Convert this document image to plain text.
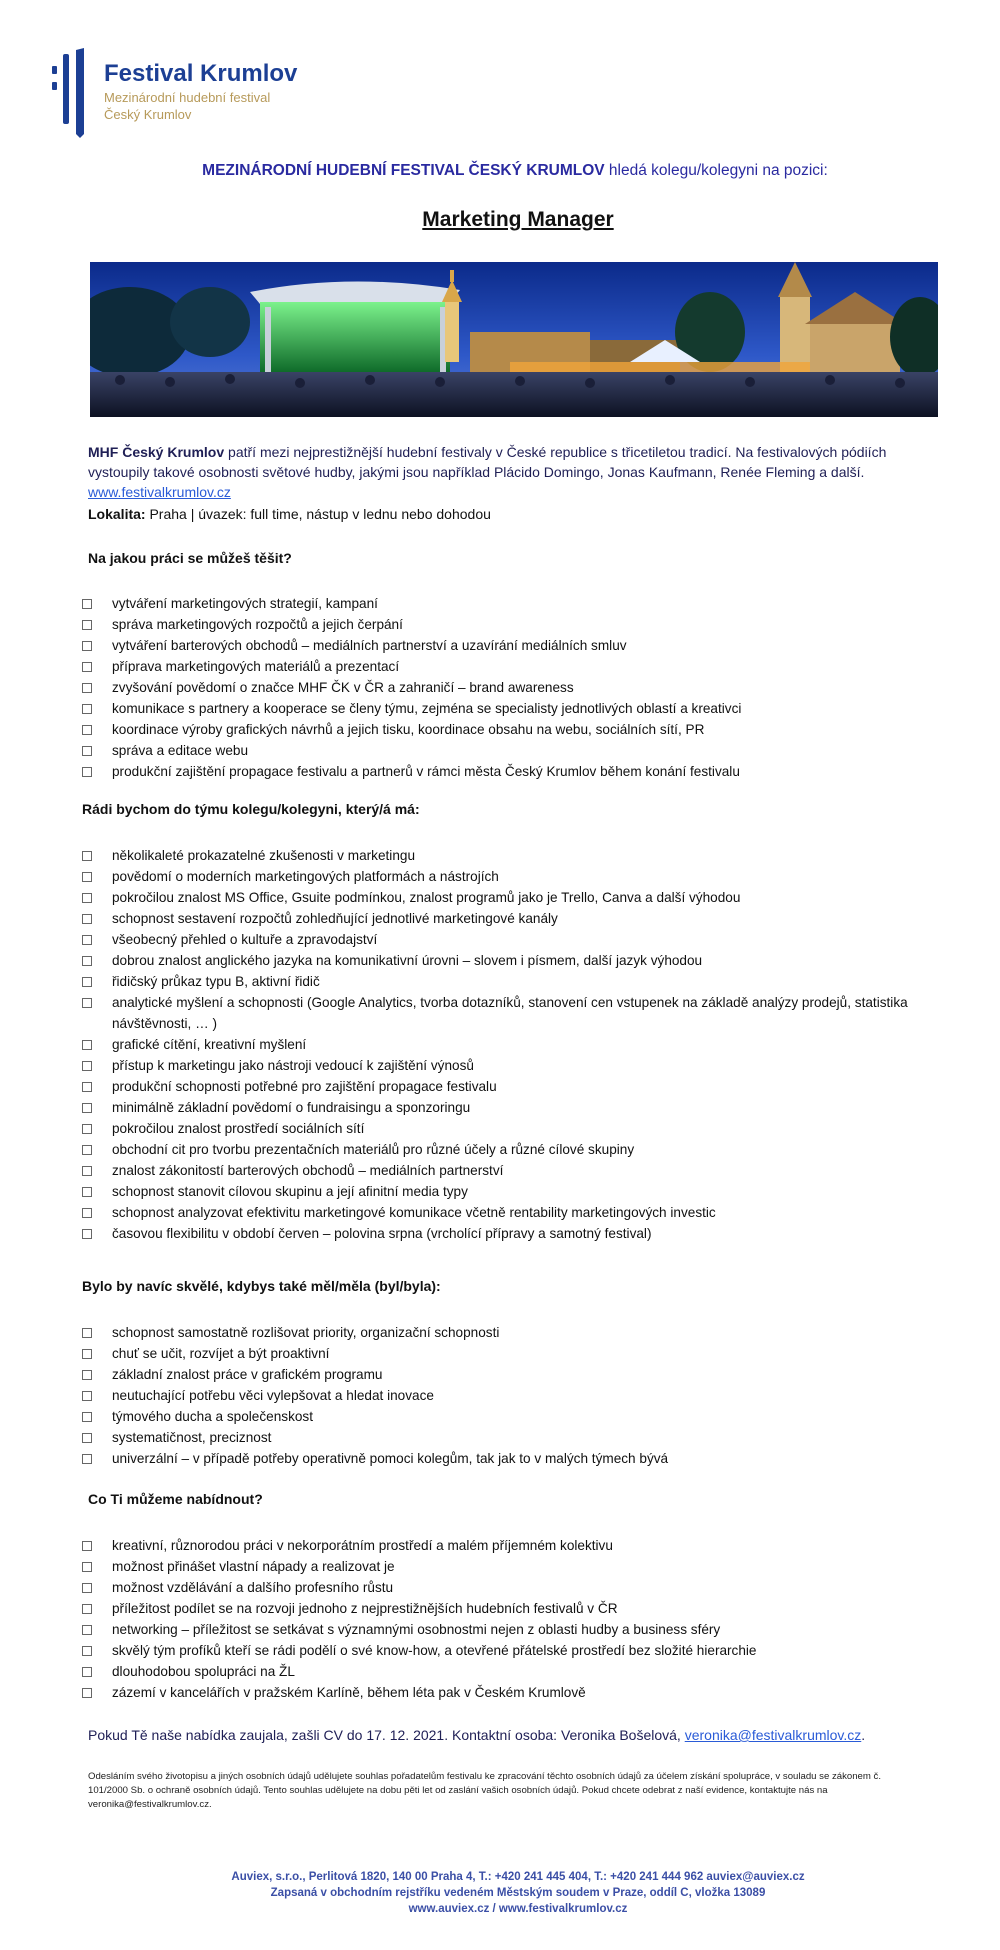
Festival Krumlov
Mezinárodní hudební festival
Český Krumlov
MEZINÁRODNÍ HUDEBNÍ FESTIVAL ČESKÝ KRUMLOV hledá kolegu/kolegyni na pozici:
Marketing Manager
MHF Český Krumlov patří mezi nejprestižnější hudební festivaly v České republice s třicetiletou tradicí. Na festivalových pódiích vystoupily takové osobnosti světové hudby, jakými jsou například Plácido Domingo, Jonas Kaufmann, Renée Fleming a další. www.festivalkrumlov.cz
Lokalita: Praha | úvazek: full time, nástup v lednu nebo dohodou
Na jakou práci se můžeš těšit?
vytváření marketingových strategií, kampaní
správa marketingových rozpočtů a jejich čerpání
vytváření barterových obchodů – mediálních partnerství a uzavírání mediálních smluv
příprava marketingových materiálů a prezentací
zvyšování povědomí o značce MHF ČK v ČR a zahraničí – brand awareness
komunikace s partnery a kooperace se členy týmu, zejména se specialisty jednotlivých oblastí a kreativci
koordinace výroby grafických návrhů a jejich tisku, koordinace obsahu na webu, sociálních sítí, PR
správa a editace webu
produkční zajištění propagace festivalu a partnerů v rámci města Český Krumlov během konání festivalu
Rádi bychom do týmu kolegu/kolegyni, který/á má:
několikaleté prokazatelné zkušenosti v marketingu
povědomí o moderních marketingových platformách a nástrojích
pokročilou znalost MS Office, Gsuite podmínkou, znalost programů jako je Trello, Canva a další výhodou
schopnost sestavení rozpočtů zohledňující jednotlivé marketingové kanály
všeobecný přehled o kultuře a zpravodajství
dobrou znalost anglického jazyka na komunikativní úrovni – slovem i písmem, další jazyk výhodou
řidičský průkaz typu B, aktivní řidič
analytické myšlení a schopnosti (Google Analytics, tvorba dotazníků, stanovení cen vstupenek na základě analýzy prodejů, statistika návštěvnosti, … )
grafické cítění, kreativní myšlení
přístup k marketingu jako nástroji vedoucí k zajištění výnosů
produkční schopnosti potřebné pro zajištění propagace festivalu
minimálně základní povědomí o fundraisingu a sponzoringu
pokročilou znalost prostředí sociálních sítí
obchodní cit pro tvorbu prezentačních materiálů pro různé účely a různé cílové skupiny
znalost zákonitostí barterových obchodů – mediálních partnerství
schopnost stanovit cílovou skupinu a její afinitní media typy
schopnost analyzovat efektivitu marketingové komunikace včetně rentability marketingových investic
časovou flexibilitu v období červen – polovina srpna (vrcholící přípravy a samotný festival)
Bylo by navíc skvělé, kdybys také měl/měla (byl/byla):
schopnost samostatně rozlišovat priority, organizační schopnosti
chuť se učit, rozvíjet a být proaktivní
základní znalost práce v grafickém programu
neutuchající potřebu věci vylepšovat a hledat inovace
týmového ducha a společenskost
systematičnost, preciznost
univerzální – v případě potřeby operativně pomoci kolegům, tak jak to v malých týmech bývá
Co Ti můžeme nabídnout?
kreativní, různorodou práci v nekorporátním prostředí a malém příjemném kolektivu
možnost přinášet vlastní nápady a realizovat je
možnost vzdělávání a dalšího profesního růstu
příležitost podílet se na rozvoji jednoho z nejprestižnějších hudebních festivalů v ČR
networking – příležitost se setkávat s významnými osobnostmi nejen z oblasti hudby a business sféry
skvělý tým profíků kteří se rádi podělí o své know-how, a otevřené přátelské prostředí bez složité hierarchie
dlouhodobou spolupráci na ŽL
zázemí v kancelářích v pražském Karlíně, během léta pak v Českém Krumlově
Pokud Tě naše nabídka zaujala, zašli CV do 17. 12. 2021. Kontaktní osoba: Veronika Bošelová, veronika@festivalkrumlov.cz.
Odesláním svého životopisu a jiných osobních údajů udělujete souhlas pořadatelům festivalu ke zpracování těchto osobních údajů za účelem získání spolupráce, v souladu se zákonem č. 101/2000 Sb. o ochraně osobních údajů. Tento souhlas udělujete na dobu pěti let od zaslání vašich osobních údajů. Pokud chcete odebrat z naší evidence, kontaktujte nás na veronika@festivalkrumlov.cz.
Auviex, s.r.o., Perlitová 1820, 140 00 Praha 4, T.: +420 241 445 404, T.: +420 241 444 962 auviex@auviex.cz
Zapsaná v obchodním rejstříku vedeném Městským soudem v Praze, oddíl C, vložka 13089
www.auviex.cz / www.festivalkrumlov.cz
